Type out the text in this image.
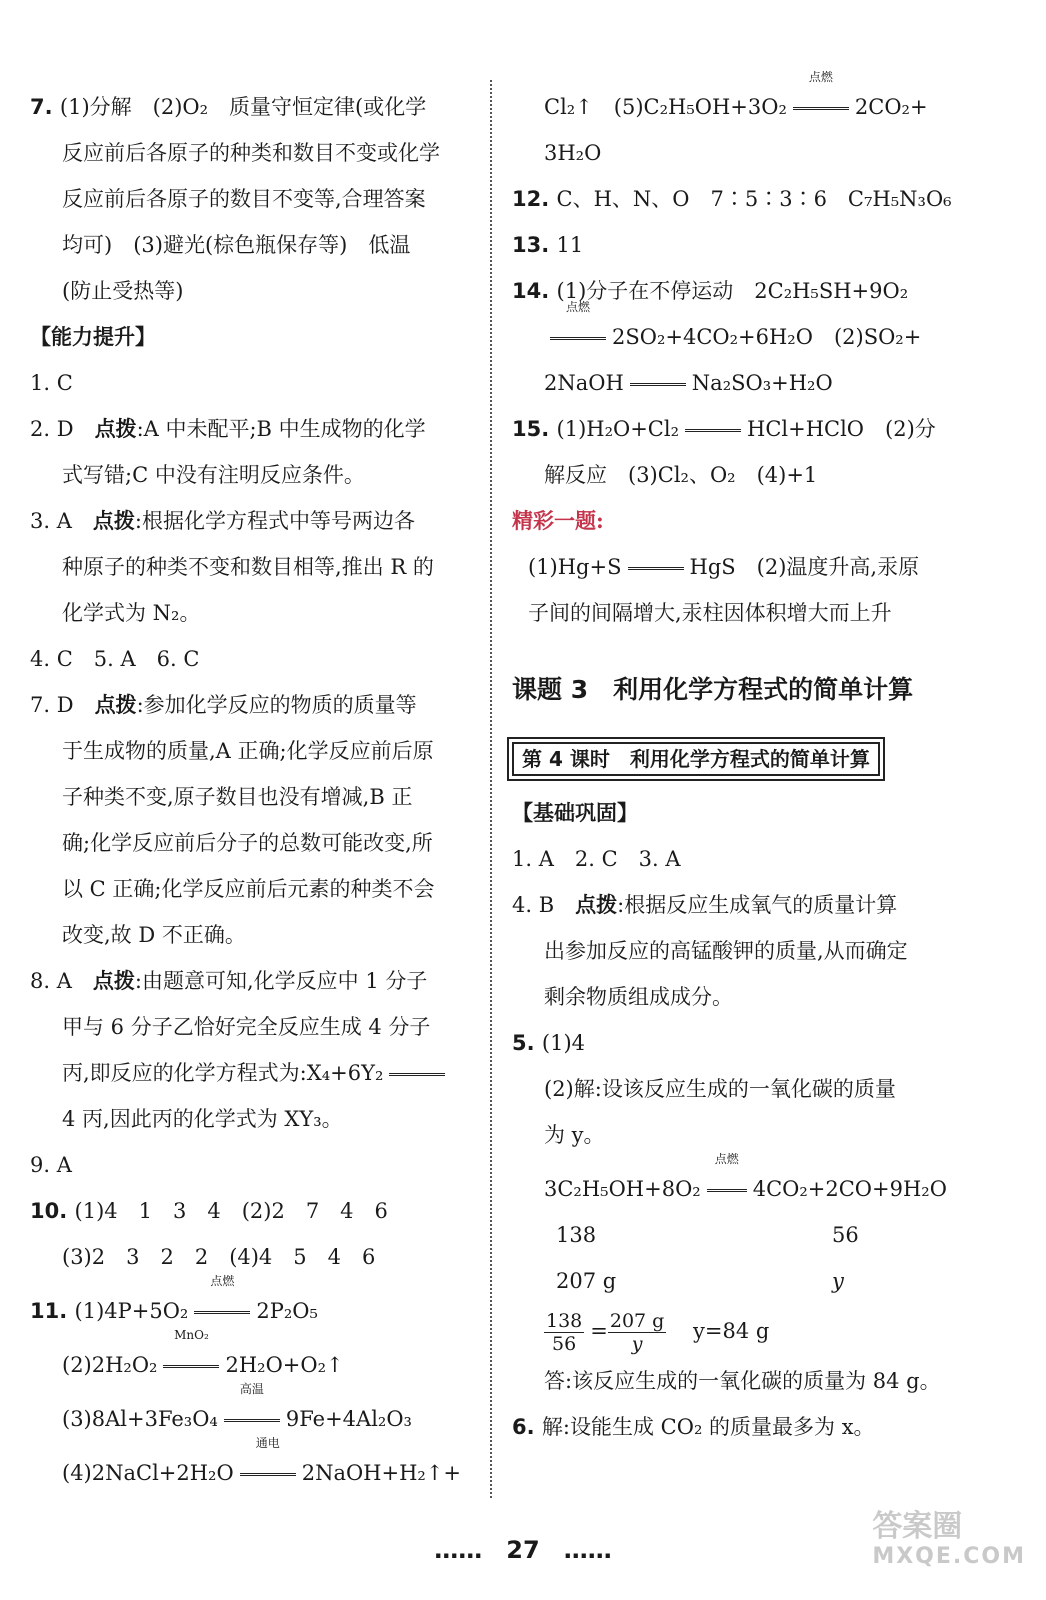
7. (1)分解　(2)O₂　质量守恒定律(或化学
反应前后各原子的种类和数目不变或化学
反应前后各原子的数目不变等,合理答案
均可)　(3)避光(棕色瓶保存等)　低温
(防止受热等)
【能力提升】
1. C
2. D　 点拨:A 中未配平;B 中生成物的化学
式写错;C 中没有注明反应条件。
3. A　 点拨:根据化学方程式中等号两边各
种原子的种类不变和数目相等,推出 R 的
化学式为 N₂。
4. C　5. A　6. C
7. D　 点拨:参加化学反应的物质的质量等
于生成物的质量,A 正确;化学反应前后原
子种类不变,原子数目也没有增减,B 正
确;化学反应前后分子的总数可能改变,所
以 C 正确;化学反应前后元素的种类不会
改变,故 D 不正确。
8. A　 点拨:由题意可知,化学反应中 1 分子
甲与 6 分子乙恰好完全反应生成 4 分子
丙,即反应的化学方程式为:X₄+6Y₂
4 丙,因此丙的化学式为 XY₃。
9. A
10. (1)4　1　3　4　(2)2　7　4　6
(3)2　3　2　2　(4)4　5　4　6
11. (1)4P+5O₂
点燃
2P₂O₅
(2)2H₂O₂
MnO₂
2H₂O+O₂↑
(3)8Al+3Fe₃O₄
高温
9Fe+4Al₂O₃
(4)2NaCl+2H₂O
通电
2NaOH+H₂↑+
Cl₂↑　(5)C₂H₅OH+3O₂
点燃
2CO₂+
3H₂O
12. C、H、N、O　7∶5∶3∶6　C₇H₅N₃O₆
13. 11
14. (1)分子在不停运动　2C₂H₅SH+9O₂
点燃
2SO₂+4CO₂+6H₂O　(2)SO₂+
2NaOH	Na₂SO₃+H₂O
15. (1)H₂O+Cl₂	HCl+HClO　(2)分
解反应　(3)Cl₂、O₂　(4)+1
精彩一题:
(1)Hg+S	HgS　(2)温度升高,汞原
子间的间隔增大,汞柱因体积增大而上升
课题 3　利用化学方程式的简单计算
第 4 课时　利用化学方程式的简单计算
【基础巩固】
1. A　2. C　3. A
4. B　 点拨:根据反应生成氧气的质量计算
出参加反应的高锰酸钾的质量,从而确定
剩余物质组成成分。
5. (1)4
(2)解:设该反应生成的一氧化碳的质量
为 y。
3C₂H₅OH+8O₂
点燃
4CO₂+2CO+9H₂O
138	56
207 g	y
$\frac{138}{56} = \frac{207 g}{y} y=84$ g
答:该反应生成的一氧化碳的质量为 84 g。
6. 解:设能生成 CO₂ 的质量最多为 x。
……　27　……
答案圈
MXQE.COM
